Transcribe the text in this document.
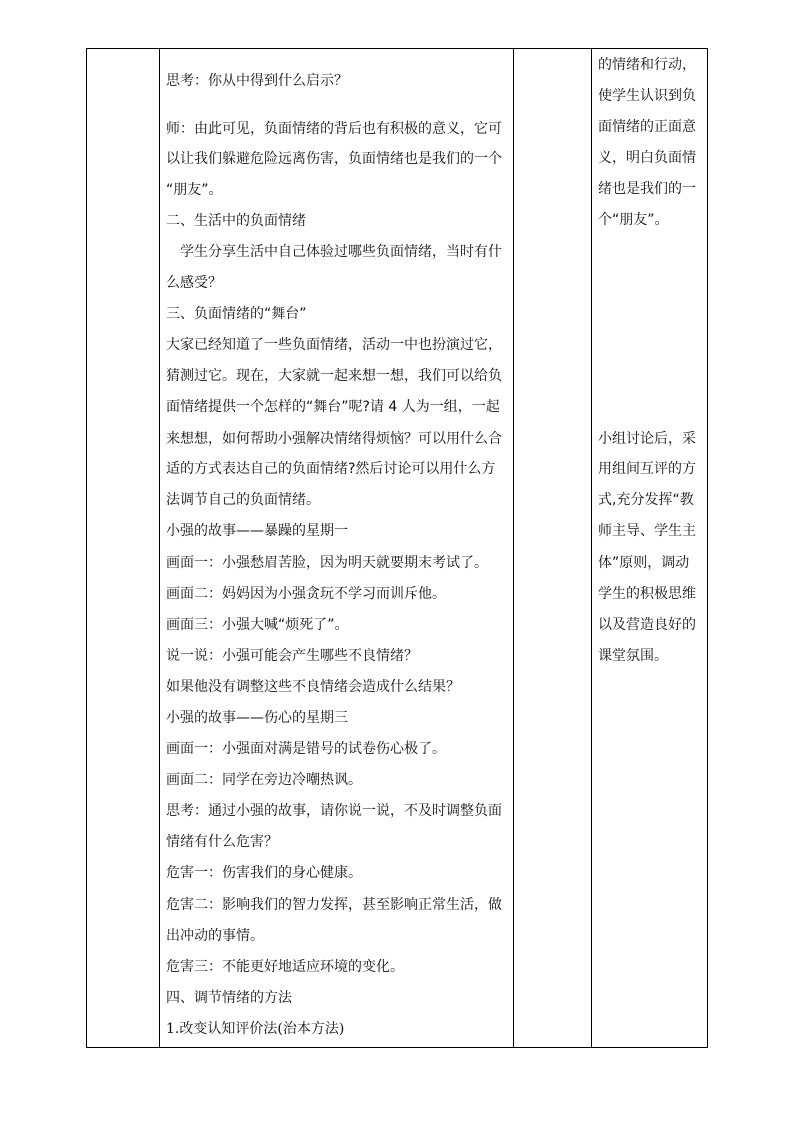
思考：你从中得到什么启示？
师：由此可见，负面情绪的背后也有积极的意义，它可
以让我们躲避危险远离伤害，负面情绪也是我们的一个
“朋友”。
二、生活中的负面情绪
　学生分享生活中自己体验过哪些负面情绪，当时有什
么感受？
三、负面情绪的“舞台”
大家已经知道了一些负面情绪，活动一中也扮演过它，
猜测过它。现在，大家就一起来想一想，我们可以给负
面情绪提供一个怎样的“舞台”呢?请 4 人为一组，一起
来想想，如何帮助小强解决情绪得烦恼？可以用什么合
适的方式表达自己的负面情绪?然后讨论可以用什么方
法调节自己的负面情绪。
小强的故事——暴躁的星期一
画面一：小强愁眉苦脸，因为明天就要期末考试了。
画面二：妈妈因为小强贪玩不学习而训斥他。
画面三：小强大喊“烦死了”。
说一说：小强可能会产生哪些不良情绪？
如果他没有调整这些不良情绪会造成什么结果？
小强的故事——伤心的星期三
画面一：小强面对满是错号的试卷伤心极了。
画面二：同学在旁边冷嘲热讽。
思考：通过小强的故事，请你说一说，不及时调整负面
情绪有什么危害？
危害一：伤害我们的身心健康。
危害二：影响我们的智力发挥，甚至影响正常生活，做
出冲动的事情。
危害三：不能更好地适应环境的变化。
四、调节情绪的方法
1.改变认知评价法(治本方法)
的情绪和行动，
使学生认识到负
面情绪的正面意
义，明白负面情
绪也是我们的一
个“朋友”。
小组讨论后，采
用组间互评的方
式,充分发挥“教
师主导、学生主
体”原则，调动
学生的积极思维
以及营造良好的
课堂氛围。
